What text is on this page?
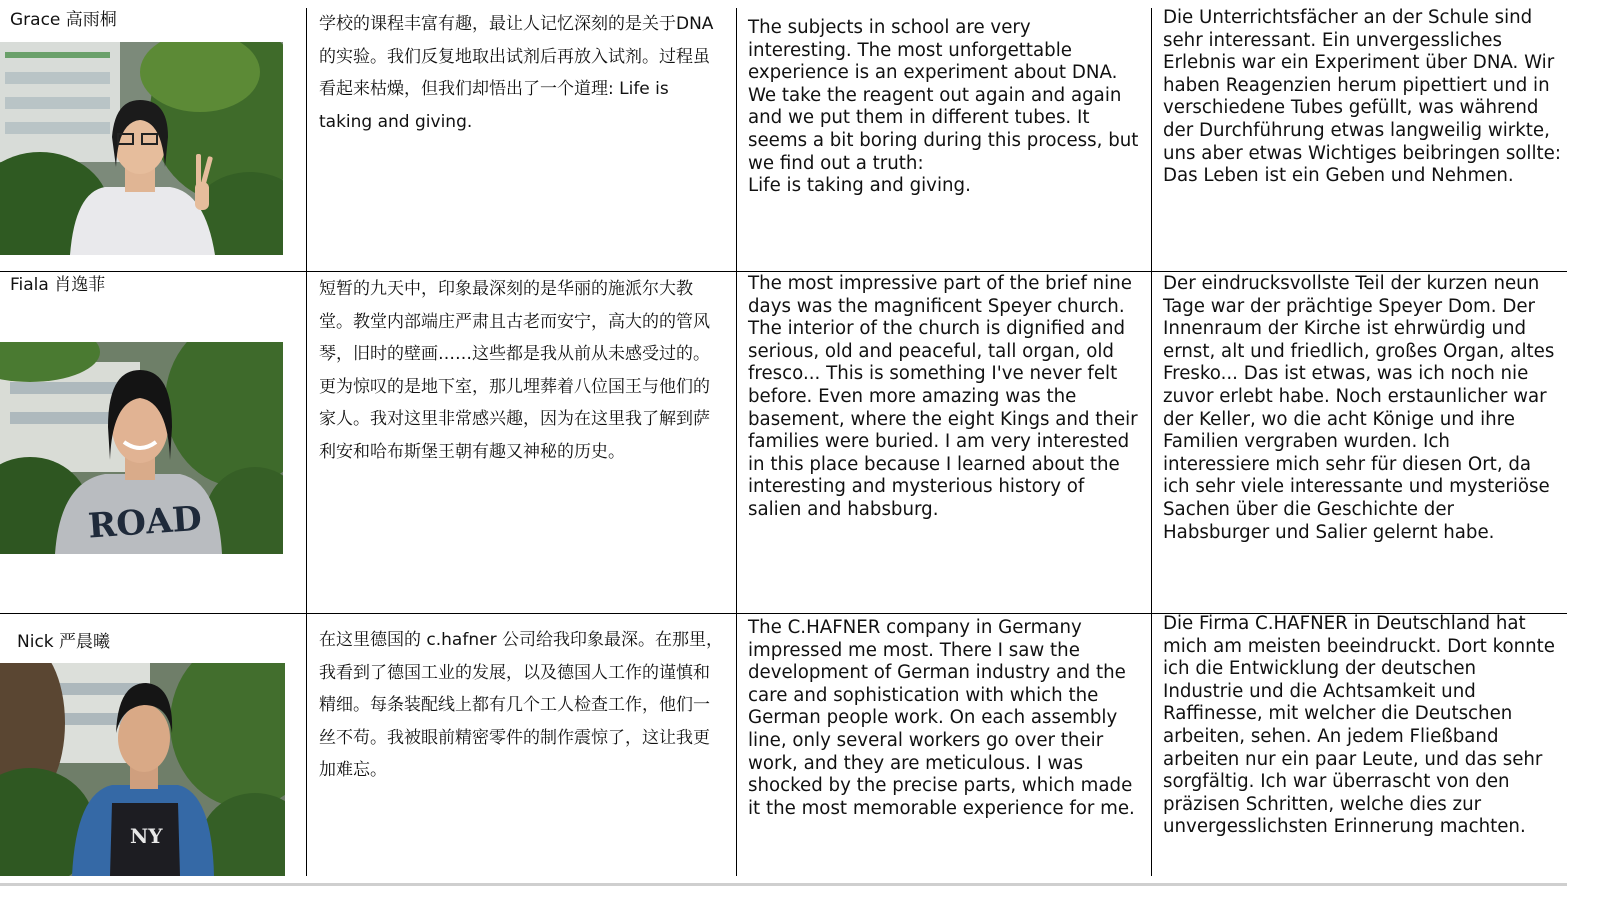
Grace 高雨桐	学校的课程丰富有趣，最让人记忆深刻的是关于DNA的实验。我们反复地取出试剂后再放入试剂。过程虽看起来枯燥，但我们却悟出了一个道理: Life is taking and giving.
The subjects in school are very interesting. The most unforgettable experience is an experiment about DNA. We take the reagent out again and again and we put them in different tubes. It seems a bit boring during this process, but we find out a truth:
Life is taking and giving.
Die Unterrichtsfächer an der Schule sind sehr interessant. Ein unvergessliches Erlebnis war ein Experiment über DNA. Wir haben Reagenzien herum pipettiert und in verschiedene Tubes gefüllt, was während der Durchführung etwas langweilig wirkte, uns aber etwas Wichtiges beibringen sollte:
Das Leben ist ein Geben und Nehmen.
Fiala 肖逸菲
ROAD
短暂的九天中，印象最深刻的是华丽的施派尔大教堂。教堂内部端庄严肃且古老而安宁，高大的的管风琴，旧时的壁画……这些都是我从前从未感受过的。更为惊叹的是地下室，那儿埋葬着八位国王与他们的家人。我对这里非常感兴趣，因为在这里我了解到萨利安和哈布斯堡王朝有趣又神秘的历史。
The most impressive part of the brief nine days was the magnificent Speyer church. The interior of the church is dignified and serious, old and peaceful, tall organ, old fresco... This is something I've never felt before. Even more amazing was the basement, where the eight Kings and their families were buried. I am very interested in this place because I learned about the interesting and mysterious history of salien and habsburg.
Der eindrucksvollste Teil der kurzen neun Tage war der prächtige Speyer Dom. Der Innenraum der Kirche ist ehrwürdig und ernst, alt und friedlich, großes Organ, altes Fresko... Das ist etwas, was ich noch nie zuvor erlebt habe. Noch erstaunlicher war der Keller, wo die acht Könige und ihre Familien vergraben wurden. Ich interessiere mich sehr für diesen Ort, da ich sehr viele interessante und mysteriöse Sachen über die Geschichte der Habsburger und Salier gelernt habe.
Nick 严晨曦
NY
在这里德国的 c.hafner 公司给我印象最深。在那里，我看到了德国工业的发展，以及德国人工作的谨慎和精细。每条装配线上都有几个工人检查工作，他们一丝不苟。我被眼前精密零件的制作震惊了，这让我更加难忘。
The C.HAFNER company in Germany impressed me most. There I saw the development of German industry and the care and sophistication with which the German people work. On each assembly line, only several workers go over their work, and they are meticulous. I was shocked by the precise parts, which made it the most memorable experience for me.
Die Firma C.HAFNER in Deutschland hat mich am meisten beeindruckt. Dort konnte ich die Entwicklung der deutschen Industrie und die Achtsamkeit und Raffinesse, mit welcher die Deutschen arbeiten, sehen. An jedem Fließband arbeiten nur ein paar Leute, und das sehr sorgfältig. Ich war überrascht von den präzisen Schritten, welche dies zur unvergesslichsten Erinnerung machten.
